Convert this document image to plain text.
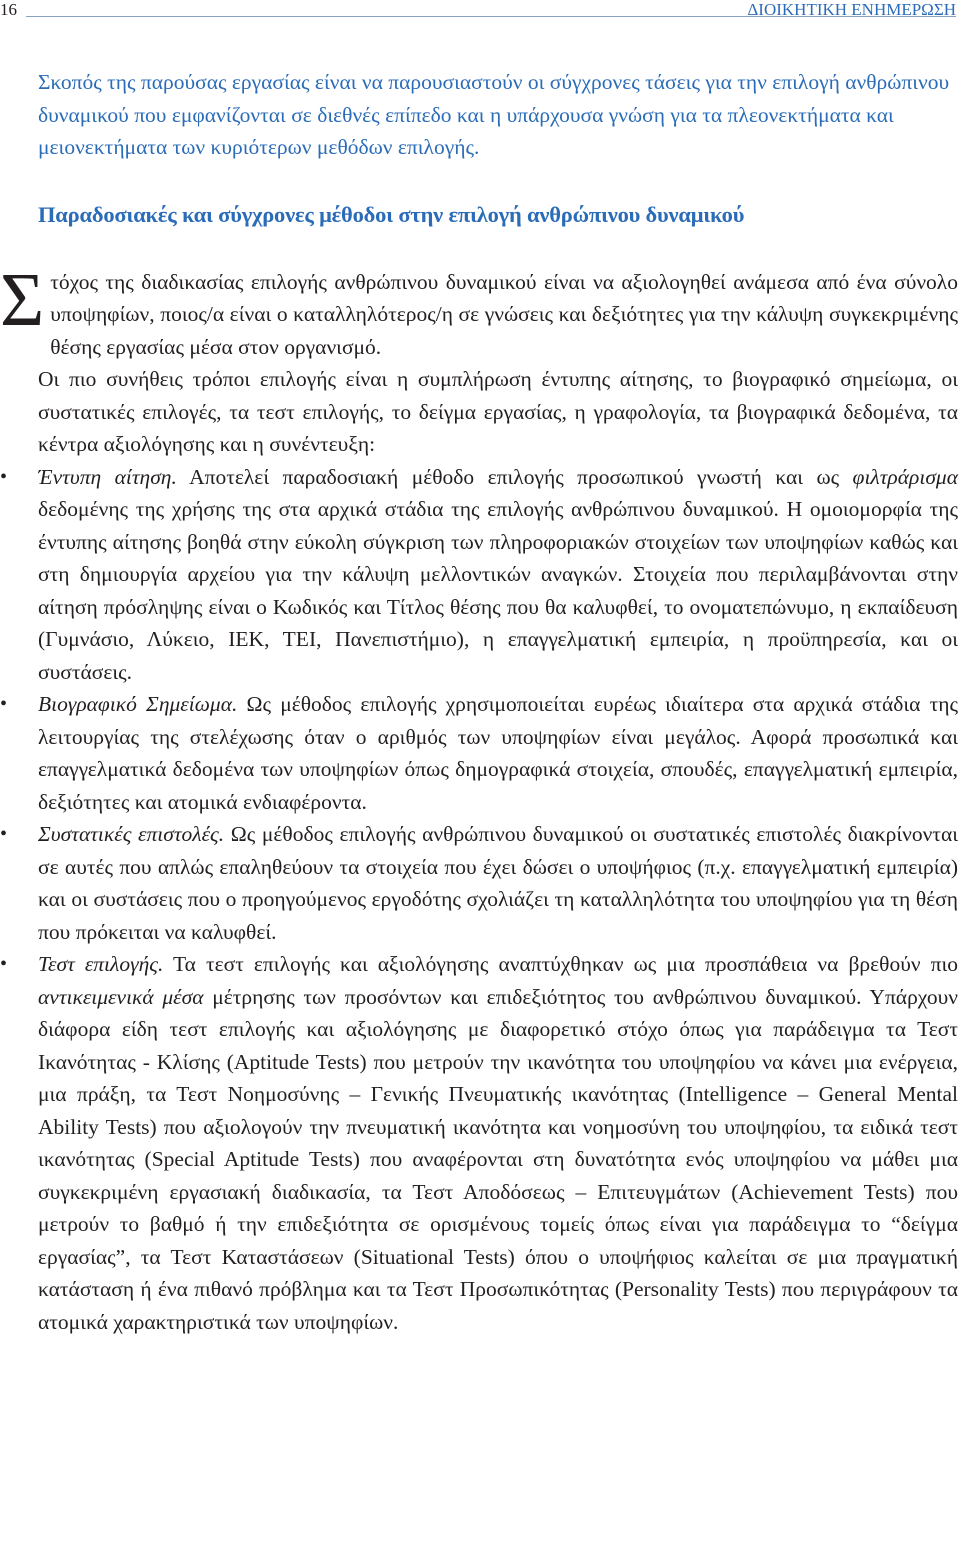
16	ΔΙΟΙΚΗΤΙΚΗ ΕΝΗΜΕΡΩΣΗ

Σκοπός της παρούσας εργασίας είναι να παρουσιαστούν οι σύγχρονες τάσεις για την επιλογή ανθρώπινου δυναμικού που εμφανίζονται σε διεθνές επίπεδο και η υπάρχουσα γνώση για τα πλεονεκτήματα και μειονεκτήματα των κυριότερων μεθόδων επιλογής.

Παραδοσιακές και σύγχρονες μέθοδοι στην επιλογή ανθρώπινου δυναμικού
Σ τόχος της διαδικασίας επιλογής ανθρώπινου δυναμικού είναι να αξιολογηθεί ανάμεσα από ένα σύνολο υποψηφίων, ποιος/α είναι ο καταλληλότερος/η σε γνώσεις και δεξιότητες για την κάλυψη συγκεκριμένης θέσης εργασίας μέσα στον οργανισμό.

Οι πιο συνήθεις τρόποι επιλογής είναι η συμπλήρωση έντυπης αίτησης, το βιογραφικό σημείωμα, οι συστατικές επιλογές, τα τεστ επιλογής, το δείγμα εργασίας, η γραφολογία, τα βιογραφικά δεδομένα, τα κέντρα αξιολόγησης και η συνέντευξη:

• Έντυπη αίτηση. Αποτελεί παραδοσιακή μέθοδο επιλογής προσωπικού γνωστή και ως φιλτράρισμα δεδομένης της χρήσης της στα αρχικά στάδια της επιλογής ανθρώπινου δυναμικού. Η ομοιομορφία της έντυπης αίτησης βοηθά στην εύκολη σύγκριση των πληροφοριακών στοιχείων των υποψηφίων καθώς και στη δημιουργία αρχείου για την κάλυψη μελλοντικών αναγκών. Στοιχεία που περιλαμβάνονται στην αίτηση πρόσληψης είναι ο Κωδικός και Τίτλος θέσης που θα καλυφθεί, το ονοματεπώνυμο, η εκπαίδευση (Γυμνάσιο, Λύκειο, ΙΕΚ, ΤΕΙ, Πανεπιστήμιο), η επαγγελματική εμπειρία, η προϋπηρεσία, και οι συστάσεις.
• Βιογραφικό Σημείωμα. Ως μέθοδος επιλογής χρησιμοποιείται ευρέως ιδιαίτερα στα αρχικά στάδια της λειτουργίας της στελέχωσης όταν ο αριθμός των υποψηφίων είναι μεγάλος. Αφορά προσωπικά και επαγγελματικά δεδομένα των υποψηφίων όπως δημογραφικά στοιχεία, σπουδές, επαγγελματική εμπειρία, δεξιότητες και ατομικά ενδιαφέροντα.
• Συστατικές επιστολές. Ως μέθοδος επιλογής ανθρώπινου δυναμικού οι συστατικές επιστολές διακρίνονται σε αυτές που απλώς επαληθεύουν τα στοιχεία που έχει δώσει ο υποψήφιος (π.χ. επαγγελματική εμπειρία) και οι συστάσεις που ο προηγούμενος εργοδότης σχολιάζει τη καταλληλότητα του υποψηφίου για τη θέση που πρόκειται να καλυφθεί.
• Τεστ επιλογής. Τα τεστ επιλογής και αξιολόγησης αναπτύχθηκαν ως μια προσπάθεια να βρεθούν πιο αντικειμενικά μέσα μέτρησης των προσόντων και επιδεξιότητος του ανθρώπινου δυναμικού. Υπάρχουν διάφορα είδη τεστ επιλογής και αξιολόγησης με διαφορετικό στόχο όπως για παράδειγμα τα Τεστ Ικανότητας - Κλίσης (Aptitude Tests) που μετρούν την ικανότητα του υποψηφίου να κάνει μια ενέργεια, μια πράξη, τα Τεστ Νοημοσύνης – Γενικής Πνευματικής ικανότητας (Intelligence – General Mental Ability Tests) που αξιολογούν την πνευματική ικανότητα και νοημοσύνη του υποψηφίου, τα ειδικά τεστ ικανότητας (Special Aptitude Tests) που αναφέρονται στη δυνατότητα ενός υποψηφίου να μάθει μια συγκεκριμένη εργασιακή διαδικασία, τα Τεστ Αποδόσεως – Επιτευγμάτων (Achievement Tests) που μετρούν το βαθμό ή την επιδεξιότητα σε ορισμένους τομείς όπως είναι για παράδειγμα το “δείγμα εργασίας”, τα Τεστ Καταστάσεων (Situational Tests) όπου ο υποψήφιος καλείται σε μια πραγματική κατάσταση ή ένα πιθανό πρόβλημα και τα Τεστ Προσωπικότητας (Personality Tests) που περιγράφουν τα ατομικά χαρακτηριστικά των υποψηφίων.
